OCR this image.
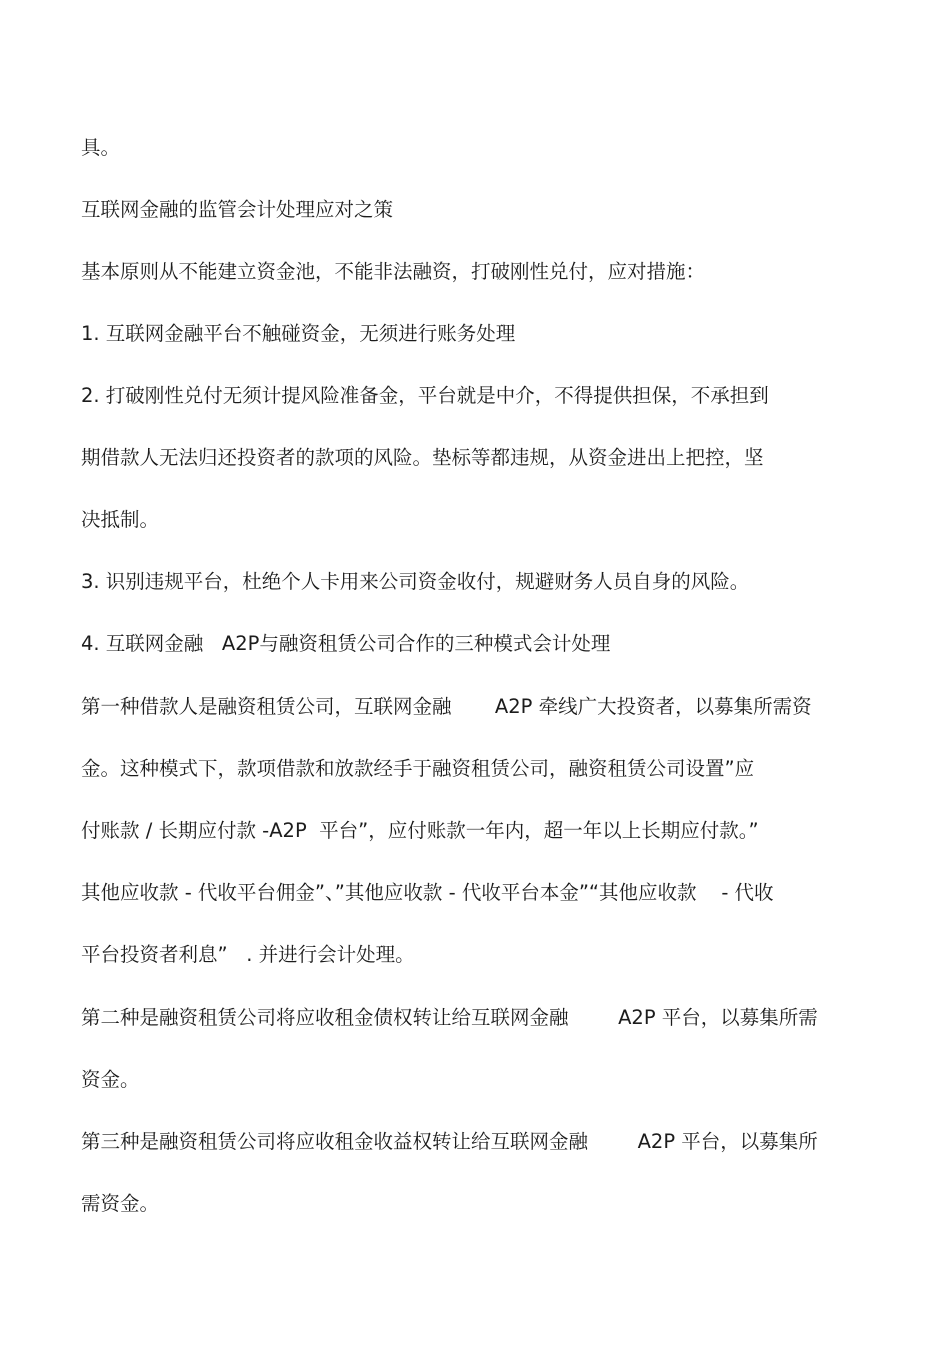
具。

互联网金融的监管会计处理应对之策

基本原则从不能建立资金池，不能非法融资，打破刚性兑付，应对措施：

1. 互联网金融平台不触碰资金，无须进行账务处理

2. 打破刚性兑付无须计提风险准备金，平台就是中介，不得提供担保，不承担到

期借款人无法归还投资者的款项的风险。垫标等都违规，从资金进出上把控，坚

决抵制。

3. 识别违规平台，杜绝个人卡用来公司资金收付，规避财务人员自身的风险。

4. 互联网金融   A2P与融资租赁公司合作的三种模式会计处理

第一种借款人是融资租赁公司，互联网金融       A2P 牵线广大投资者，以募集所需资

金。这种模式下，款项借款和放款经手于融资租赁公司，融资租赁公司设置”应

付账款 / 长期应付款 -A2P  平台”，应付账款一年内，超一年以上长期应付款。”

其他应收款 - 代收平台佣金”、”其他应收款 - 代收平台本金”“其他应收款    - 代收

平台投资者利息”   . 并进行会计处理。

第二种是融资租赁公司将应收租金债权转让给互联网金融        A2P 平台，以募集所需

资金。

第三种是融资租赁公司将应收租金收益权转让给互联网金融        A2P 平台，以募集所

需资金。
